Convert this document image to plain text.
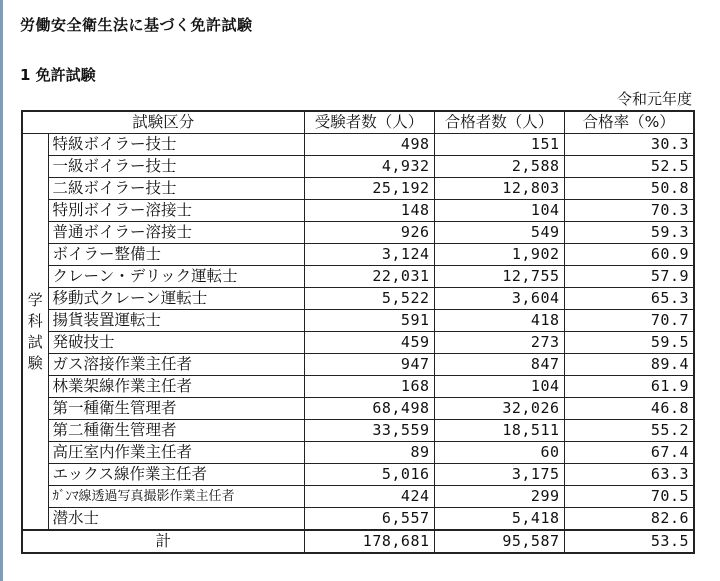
労働安全衛生法に基づく免許試験
1 免許試験
令和元年度
試験区分		受験者数（人）	合格者数（人）	合格率（%）

学
科
試
験	特級ボイラー技士	498	151	30.3
	一級ボイラー技士	4,932	2,588	52.5
	二級ボイラー技士	25,192	12,803	50.8
	特別ボイラー溶接士	148	104	70.3
	普通ボイラー溶接士	926	549	59.3
	ボイラー整備士	3,124	1,902	60.9
	クレーン・デリック運転士	22,031	12,755	57.9
	移動式クレーン運転士	5,522	3,604	65.3
	揚貨装置運転士	591	418	70.7
	発破技士	459	273	59.5
	ガス溶接作業主任者	947	847	89.4
	林業架線作業主任者	168	104	61.9
	第一種衛生管理者	68,498	32,026	46.8
	第二種衛生管理者	33,559	18,511	55.2
	高圧室内作業主任者	89	60	67.4
	エックス線作業主任者	5,016	3,175	63.3
	ｶﾞﾝﾏ線透過写真撮影作業主任者	424	299	70.5
	潜水士	6,557	5,418	82.6
計		178,681	95,587	53.5
